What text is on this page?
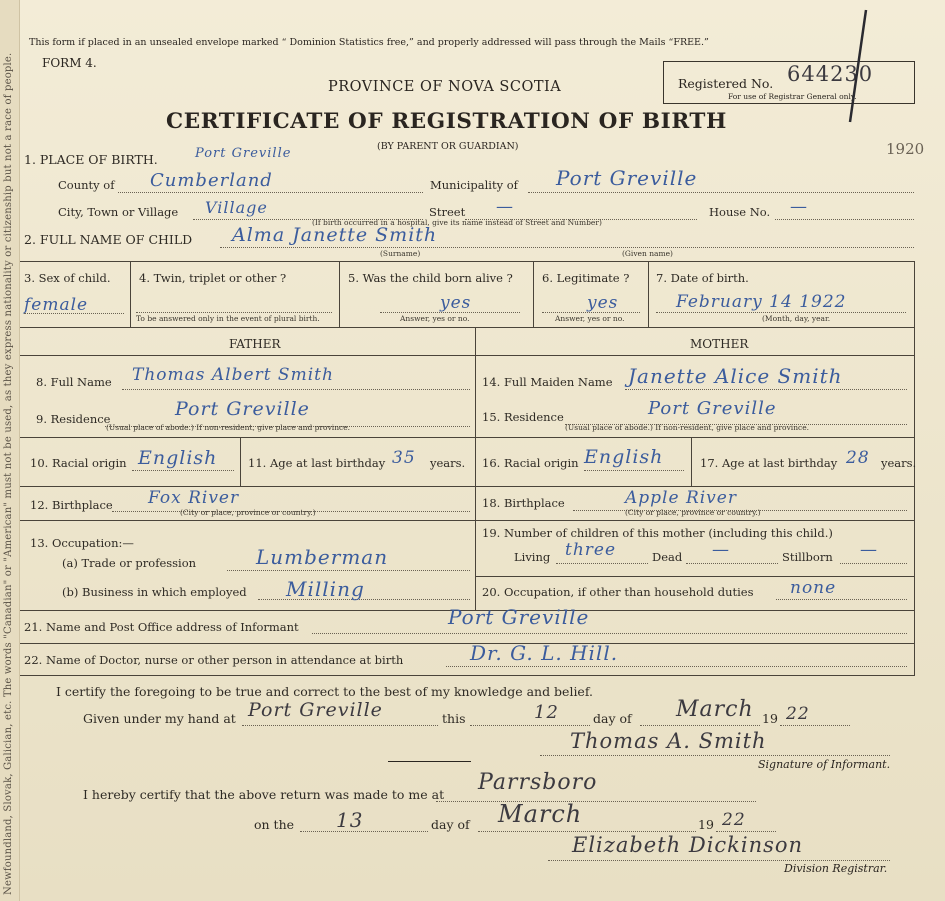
Newfoundland, Slovak, Galician, etc. The words "Canadian" or "American" must not be used, as they express nationality or citizenship but not a race of people.
This form if placed in an unsealed envelope marked “ Dominion Statistics free,” and properly addressed will pass through the Mails “FREE.”
FORM 4.
PROVINCE OF NOVA SCOTIA
CERTIFICATE OF REGISTRATION OF BIRTH
(BY PARENT OR GUARDIAN)
Registered No. 644230
For use of Registrar General only.
1920
1. PLACE OF BIRTH.	Port Greville
County of Cumberland	Municipality of Port Greville
City, Town or Village Village	Street —
(If birth occurred in a hospital, give its name instead of Street and Number)
House No. —
2. FULL NAME OF CHILD Alma Janette Smith
(Surname)	(Given name)
3. Sex of child.
female
4. Twin, triplet or other ?
To be answered only in the event of plural birth.
5. Was the child born alive ?
yes
Answer, yes or no.
6. Legitimate ?
yes
Answer, yes or no.
7. Date of birth.
February 14 1922
(Month, day, year.
FATHER	MOTHER
8. Full Name Thomas Albert Smith
9. Residence	Port Greville
(Usual place of abode.) If non-resident, give place and province.
10. Racial origin English	11. Age at last birthday 35 years.
12. Birthplace Fox River
(City or place, province or country.)
13. Occupation:—
(a) Trade or profession	Lumberman
(b) Business in which employed Milling
14. Full Maiden Name Janette Alice Smith
15. Residence	Port Greville
(Usual place of abode.) If non-resident, give place and province.
16. Racial origin English	17. Age at last birthday 28 years.
18. Birthplace	Apple River
(City or place, province or country.)
19. Number of children of this mother (including this child.)
Living three	Dead —	Stillborn —
20. Occupation, if other than household duties none
21. Name and Post Office address of Informant	Port Greville
22. Name of Doctor, nurse or other person in attendance at birth	Dr. G. L. Hill.
I certify the foregoing to be true and correct to the best of my knowledge and belief.
Given under my hand at Port Greville	this	12	day of March 19 22
Thomas A. Smith
Signature of Informant.
I hereby certify that the above return was made to me at Parrsboro
on the 13	day of March	19 22
Elizabeth Dickinson
Division Registrar.
